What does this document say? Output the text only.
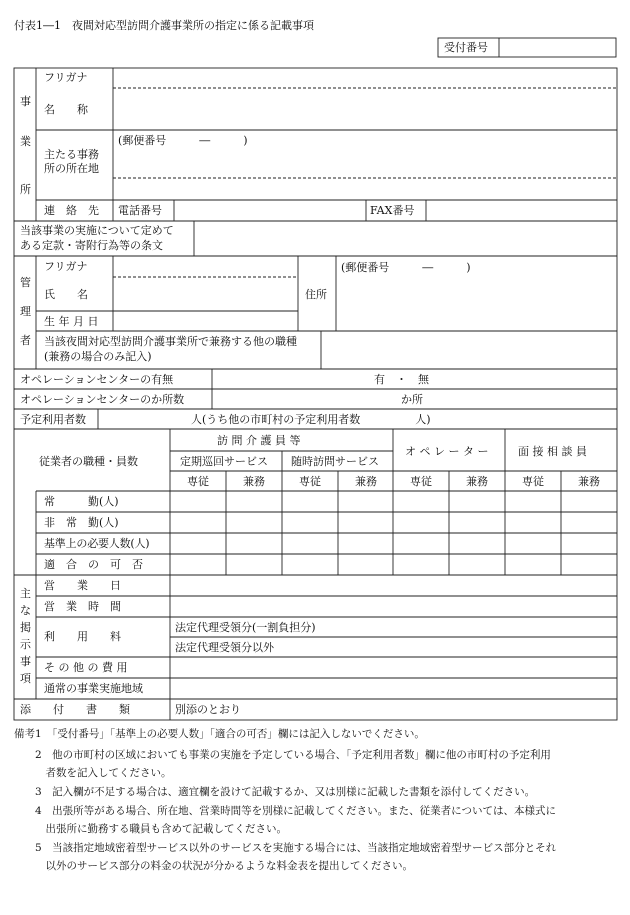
付表1―1　夜間対応型訪問介護事業所の指定に係る記載事項
受付番号
事
業
所
フリガナ
名　　称
主たる事務
所の所在地
(郵便番号　　　―　　　)
連　絡　先 電話番号	FAX番号
当該事業の実施について定めて
ある定款・寄附行為等の条文
管
理
者
フリガナ
氏　　名
生 年 月 日
住所
(郵便番号　　　―　　　)
当該夜間対応型訪問介護事業所で兼務する他の職種
(兼務の場合のみ記入)
オペレーションセンターの有無	有　・　無
オペレーションセンターのか所数	か所
予定利用者数	人(うち他の市町村の予定利用者数　　　　　人)
従業者の職種・員数
訪 問 介 護 員 等
定期巡回サービス 随時訪問サービス
オ ペ レ ー タ ー	面 接 相 談 員
専従	兼務	専従	兼務	専従	兼務	専従	兼務
常　　　勤(人)
非　常　勤(人)
基準上の必要人数(人)
適　合　の　可　否
主
な
掲
示
事
項
営　　業　　日
営　業　時　間
利　　用　　料
法定代理受領分(一割負担分)
法定代理受領分以外
そ の 他 の 費 用
通常の事業実施地域
添　　付　　書　　類	別添のとおり
備考1　「受付番号」「基準上の必要人数」「適合の可否」欄には記入しないでください。
　　2　他の市町村の区域においても事業の実施を予定している場合、「予定利用者数」欄に他の市町村の予定利用
　　　者数を記入してください。
　　3　記入欄が不足する場合は、適宜欄を設けて記載するか、又は別様に記載した書類を添付してください。
　　4　出張所等がある場合、所在地、営業時間等を別様に記載してください。また、従業者については、本様式に
　　　出張所に勤務する職員も含めて記載してください。
　　5　当該指定地域密着型サービス以外のサービスを実施する場合には、当該指定地域密着型サービス部分とそれ
　　　以外のサービス部分の料金の状況が分かるような料金表を提出してください。
